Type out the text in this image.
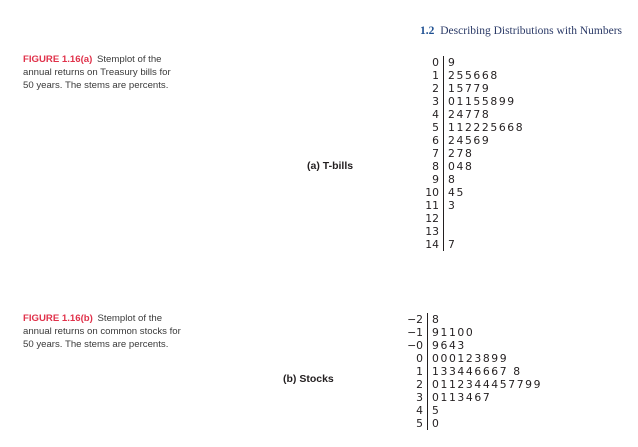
1.2 Describing Distributions with Numbers
FIGURE 1.16(a) Stemplot of the annual returns on Treasury bills for 50 years. The stems are percents.
(a) T-bills
0 9
1 255668
2 15779
3 01155899
4 24778
5 112225668
6 24569
7 278
8 048
9 8
10 45
11 3
12
13
14 7
FIGURE 1.16(b) Stemplot of the annual returns on common stocks for 50 years. The stems are percents.
(b) Stocks
−2 8
−1 91100
−0 9643
0 000123899
1 133446667 8
2 0112344457799
3 0113467
4 5
5 0
